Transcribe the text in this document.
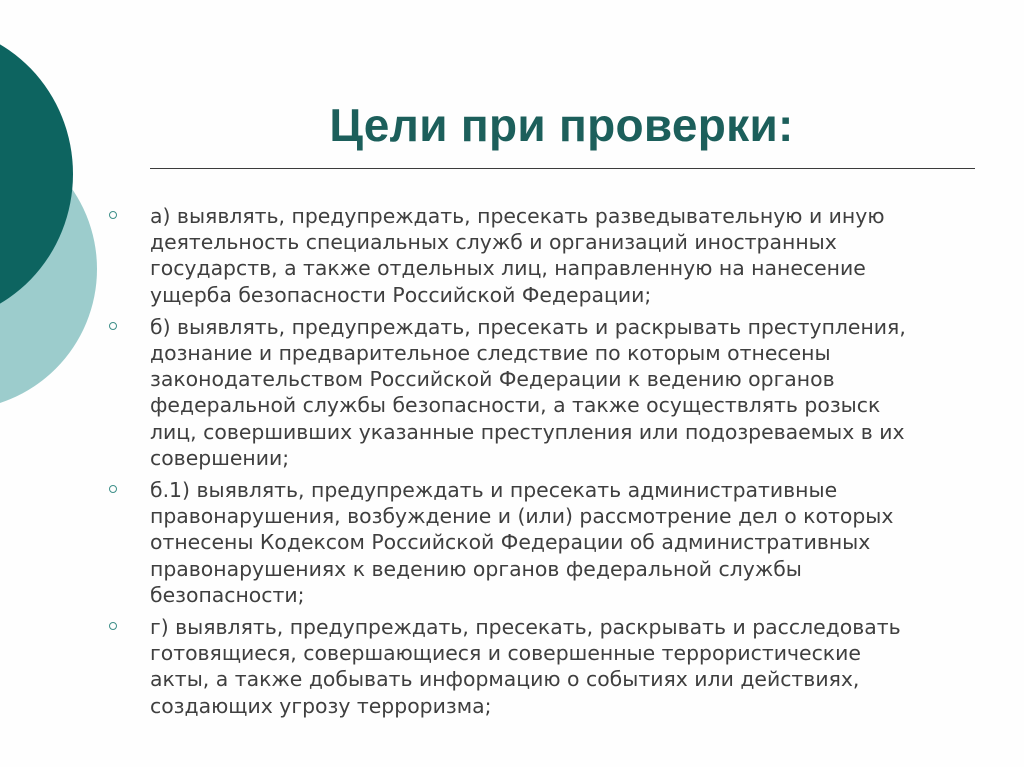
Цели при проверки:
а) выявлять, предупреждать, пресекать разведывательную и иную
деятельность специальных служб и организаций иностранных
государств, а также отдельных лиц, направленную на нанесение
ущерба безопасности Российской Федерации;
б) выявлять, предупреждать, пресекать и раскрывать преступления,
дознание и предварительное следствие по которым отнесены
законодательством Российской Федерации к ведению органов
федеральной службы безопасности, а также осуществлять розыск
лиц, совершивших указанные преступления или подозреваемых в их
совершении;
б.1) выявлять, предупреждать и пресекать административные
правонарушения, возбуждение и (или) рассмотрение дел о которых
отнесены Кодексом Российской Федерации об административных
правонарушениях к ведению органов федеральной службы
безопасности;
г) выявлять, предупреждать, пресекать, раскрывать и расследовать
готовящиеся, совершающиеся и совершенные террористические
акты, а также добывать информацию о событиях или действиях,
создающих угрозу терроризма;
